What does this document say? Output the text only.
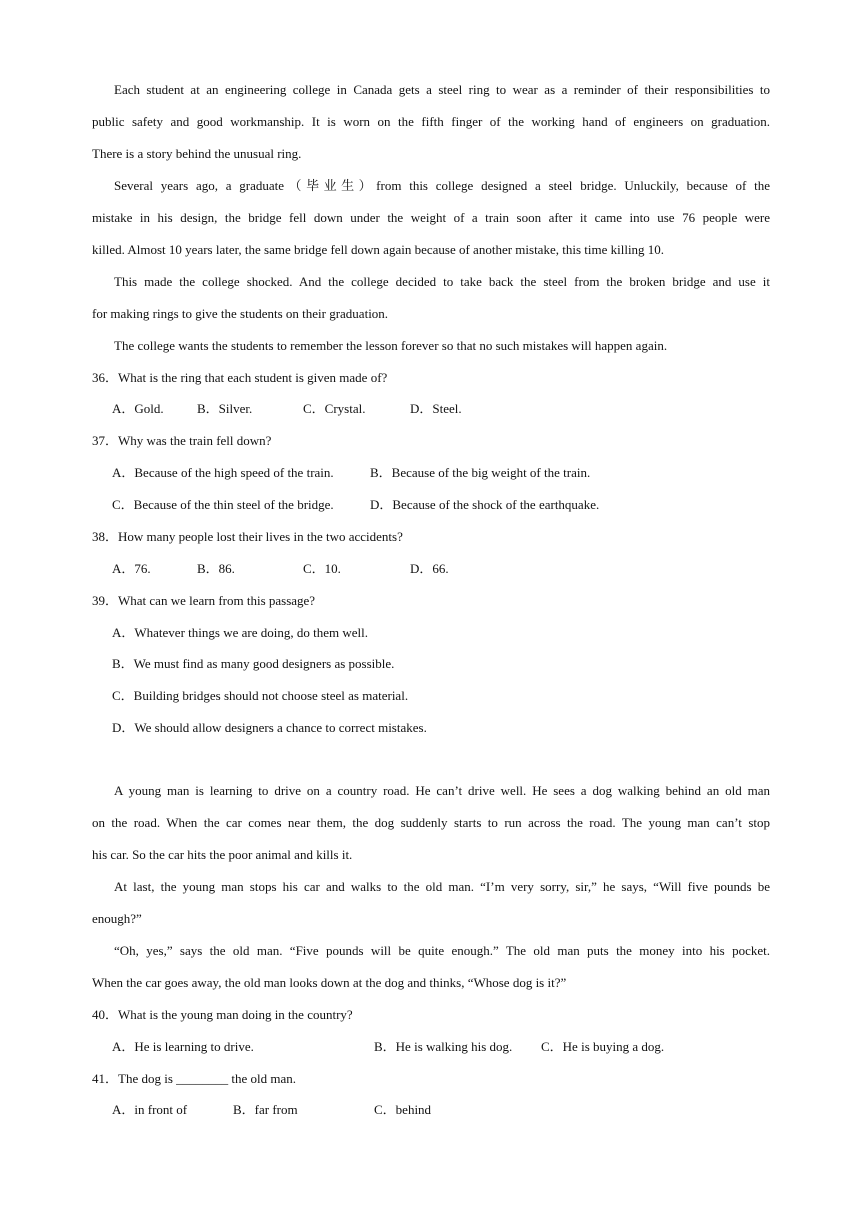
Each student at an engineering college in Canada gets a steel ring to wear as a reminder of their responsibilities to
public safety and good workmanship. It is worn on the fifth finger of the working hand of engineers on graduation.
There is a story behind the unusual ring.
Several years ago, a graduate（毕业生）from this college designed a steel bridge. Unluckily, because of the
mistake in his design, the bridge fell down under the weight of a train soon after it came into use 76 people were
killed. Almost 10 years later, the same bridge fell down again because of another mistake, this time killing 10.
This made the college shocked. And the college decided to take back the steel from the broken bridge and use it
for making rings to give the students on their graduation.
The college wants the students to remember the lesson forever so that no such mistakes will happen again.
36．What is the ring that each student is given made of?
A．Gold.	B．Silver.	C．Crystal.	D．Steel.
37．Why was the train fell down?
A．Because of the high speed of the train.	B．Because of the big weight of the train.
C．Because of the thin steel of the bridge.	D．Because of the shock of the earthquake.
38．How many people lost their lives in the two accidents?
A．76.	B．86.	C．10.	D．66.
39．What can we learn from this passage?
A．Whatever things we are doing, do them well.
B．We must find as many good designers as possible.
C．Building bridges should not choose steel as material.
D．We should allow designers a chance to correct mistakes.
A young man is learning to drive on a country road. He can’t drive well. He sees a dog walking behind an old man
on the road. When the car comes near them, the dog suddenly starts to run across the road. The young man can’t stop
his car. So the car hits the poor animal and kills it.
At last, the young man stops his car and walks to the old man. “I’m very sorry, sir,” he says, “Will five pounds be
enough?”
“Oh, yes,” says the old man. “Five pounds will be quite enough.” The old man puts the money into his pocket.
When the car goes away, the old man looks down at the dog and thinks, “Whose dog is it?”
40．What is the young man doing in the country?
A．He is learning to drive.	B．He is walking his dog. C．He is buying a dog.
41．The dog is ________ the old man.
A．in front of	B．far from	C．behind
